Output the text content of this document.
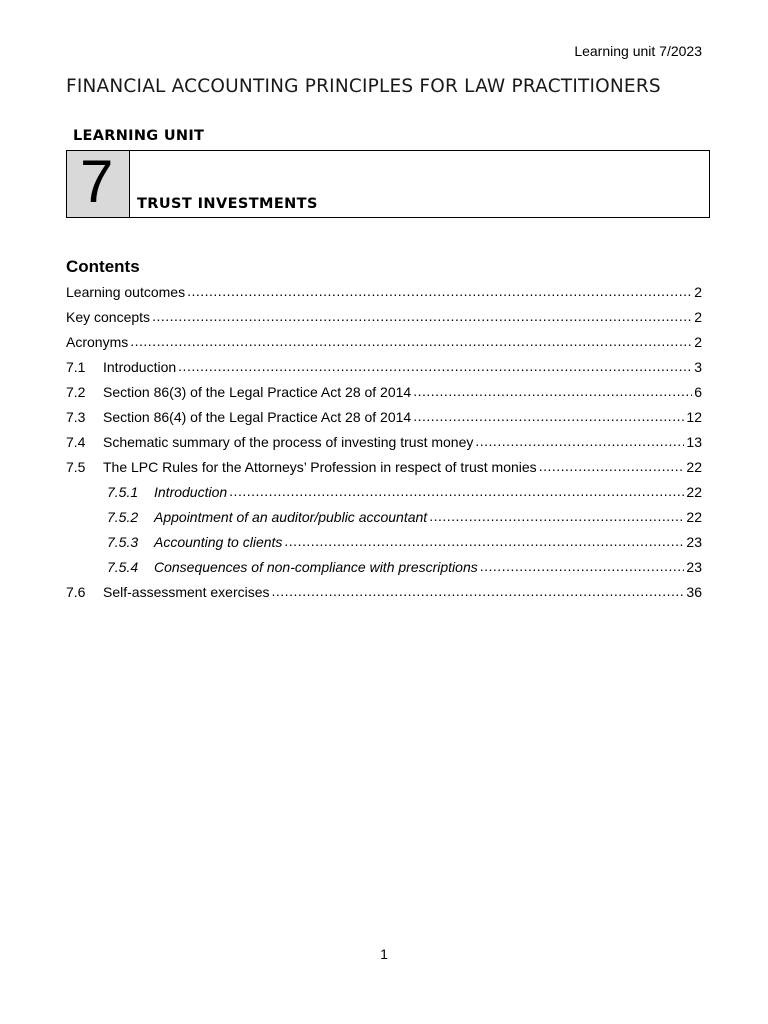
Learning unit 7/2023
FINANCIAL ACCOUNTING PRINCIPLES FOR LAW PRACTITIONERS
LEARNING UNIT
7 TRUST INVESTMENTS
Contents
Learning outcomes .....	2
Key concepts .....	2
Acronyms .....	2
7.1	Introduction .....	3
7.2	Section 86(3) of the Legal Practice Act 28 of 2014 .....	6
7.3	Section 86(4) of the Legal Practice Act 28 of 2014 .....	12
7.4	Schematic summary of the process of investing trust money .....	13
7.5	The LPC Rules for the Attorneys’ Profession in respect of trust monies .....	22
7.5.1	Introduction .....	22
7.5.2	Appointment of an auditor/public accountant .....	22
7.5.3	Accounting to clients .....	23
7.5.4	Consequences of non-compliance with prescriptions .....	23
7.6	Self-assessment exercises .....	36
1
